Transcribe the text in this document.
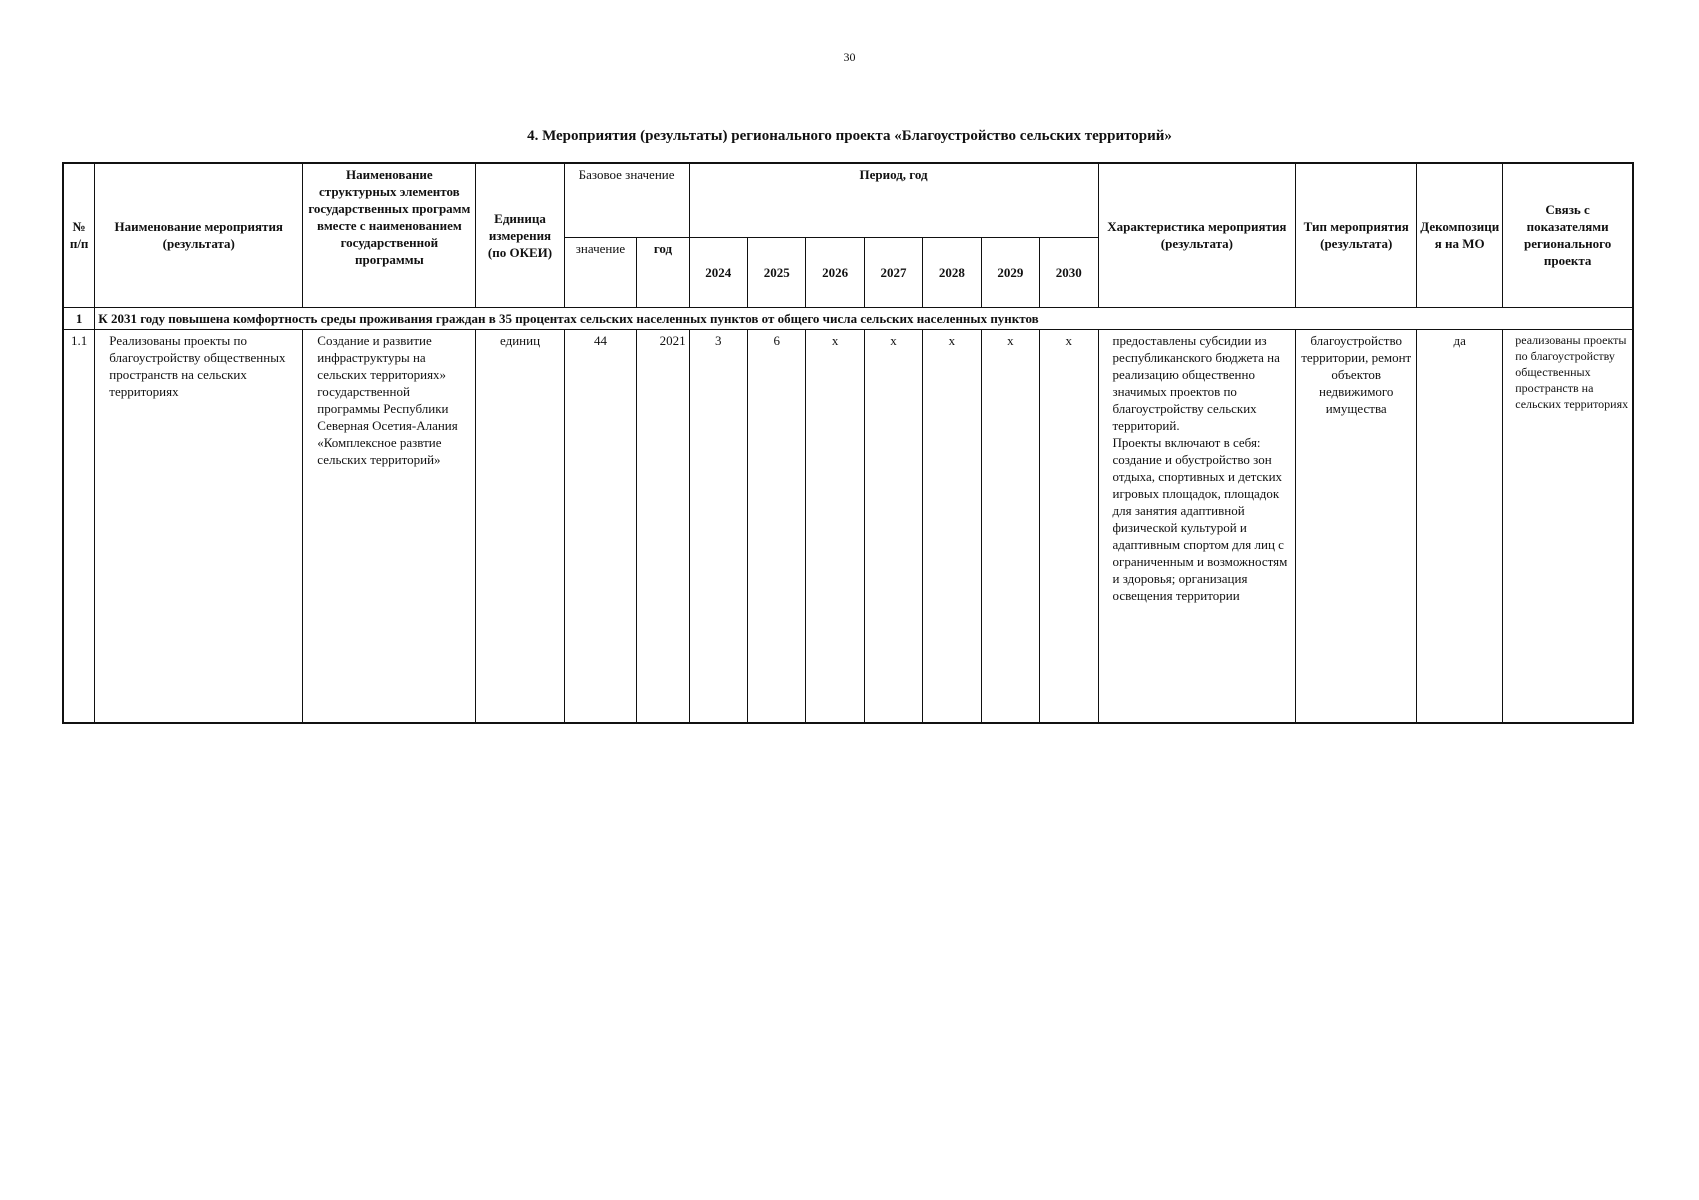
30
4. Мероприятия (результаты) регионального проекта «Благоустройство сельских территорий»
№ п/п	Наименование мероприятия (результата)	Наименование структурных элементов государственных программ вместе с наименованием государственной программы	Единица измерения (по ОКЕИ)	Базовое значение		Период, год							Характеристика мероприятия (результата)	Тип мероприятия (результата)	Декомпозиция на МО	Связь с показателями регионального проекта
				значение	год	2024	2025	2026	2027	2028	2029	2030				
1	К 2031 году повышена комфортность среды проживания граждан в 35 процентах сельских населенных пунктов от общего числа сельских населенных пунктов															
1.1	Реализованы проекты по благоустройству общественных пространств на сельских территориях	Создание и развитие инфраструктуры на сельских территориях» государственной программы Республики Северная Осетия-Алания «Комплексное развтие сельских территорий»	единиц	44	2021	3	6	x	x	x	x	x	предоставлены субсидии из республиканского бюджета на реализацию общественно значимых проектов по благоустройству сельских территорий.
Проекты включают в себя: создание и обустройство зон отдыха, спортивных и детских игровых площадок, площадок для занятия адаптивной физической культурой и адаптивным спортом для лиц с ограниченным и возможностям и здоровья; организация освещения территории	благоустройство территории, ремонт объектов недвижимого имущества	да	реализованы проекты по благоустройству общественных пространств на сельских территориях
